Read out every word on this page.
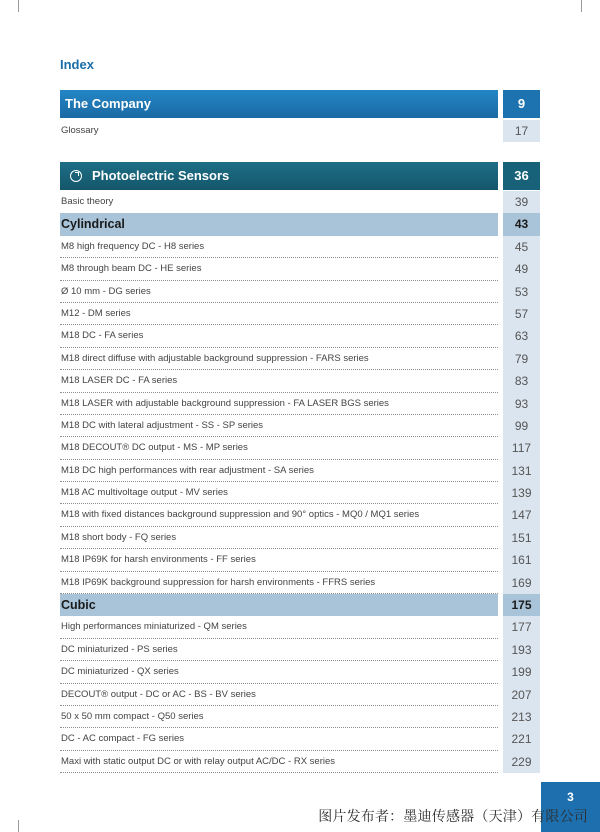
Index
The Company	9
Glossary	17
Photoelectric Sensors	36
Basic theory	39
Cylindrical	43
M8 high frequency DC - H8 series	45
M8 through beam DC - HE series	49
Ø 10 mm - DG series	53
M12 - DM series	57
M18 DC - FA series	63
M18 direct diffuse with adjustable background suppression - FARS series	79
M18 LASER DC - FA series	83
M18 LASER with adjustable background suppression - FA LASER BGS series	93
M18 DC with lateral adjustment - SS - SP series	99
M18 DECOUT® DC output - MS - MP series	117
M18 DC high performances with rear adjustment - SA series	131
M18 AC multivoltage output - MV series	139
M18 with fixed distances background suppression and 90° optics - MQ0 / MQ1 series	147
M18 short body - FQ series	151
M18 IP69K for harsh environments - FF series	161
M18 IP69K background suppression for harsh environments - FFRS series	169
Cubic	175
High performances miniaturized - QM series	177
DC miniaturized - PS series	193
DC miniaturized - QX series	199
DECOUT® output - DC or AC - BS - BV series	207
50 x 50 mm compact - Q50 series	213
DC - AC compact - FG series	221
Maxi with static output DC or with relay output AC/DC - RX series	229
3
图片发布者：墨迪传感器（天津）有限公司
